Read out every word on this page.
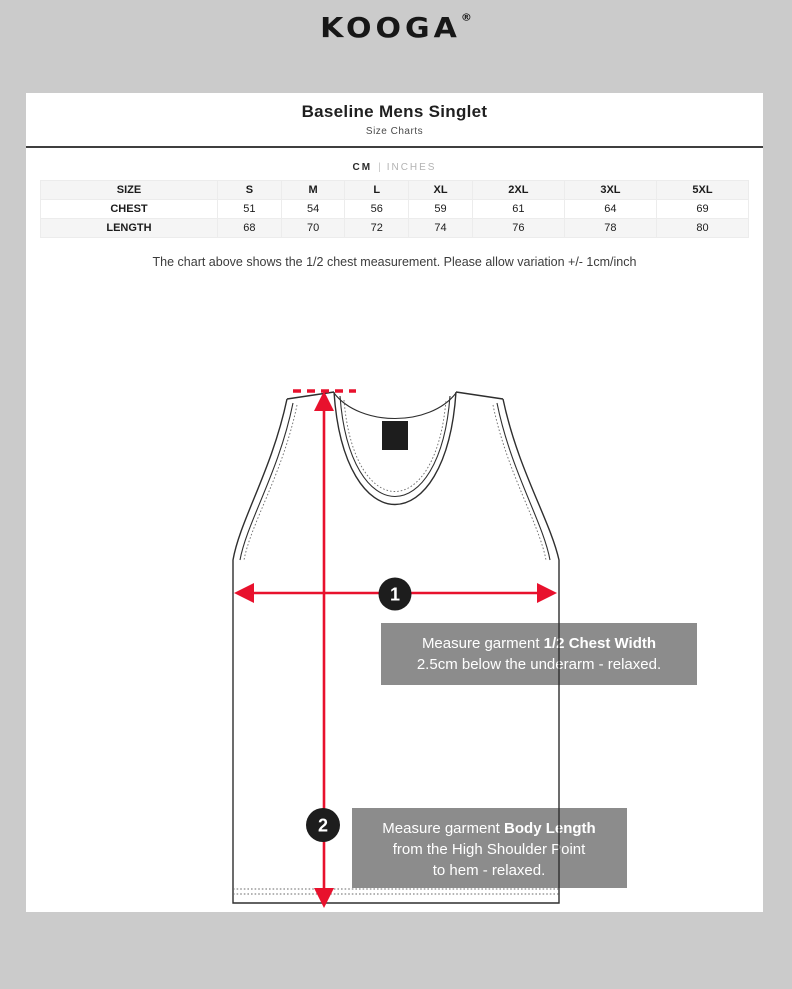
KOOGA®
Baseline Mens Singlet
Size Charts
CM | INCHES
SIZE	S	M	L	XL	2XL	3XL	5XL
CHEST	51	54	56	59	61	64	69
LENGTH	68	70	72	74	76	78	80
The chart above shows the 1/2 chest measurement. Please allow variation +/- 1cm/inch
Measure garment 1/2 Chest Width
2.5cm below the underarm - relaxed.
Measure garment Body Length
from the High Shoulder Point
to hem - relaxed.
1
2
